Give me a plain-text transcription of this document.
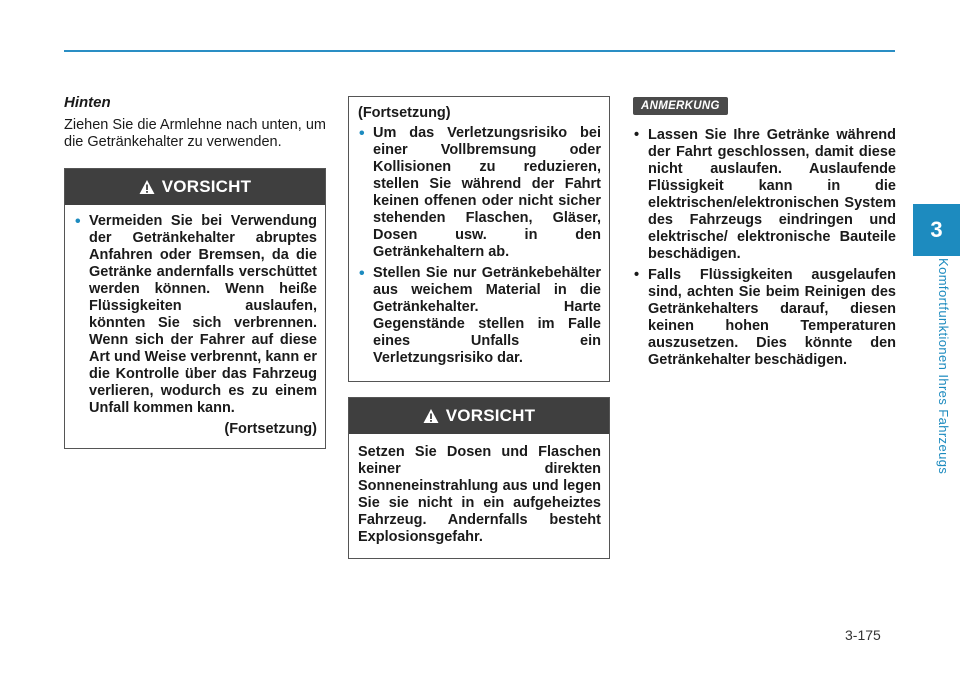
3
Komfortfunktionen Ihres Fahrzeugs
Hinten
Ziehen Sie die Armlehne nach unten, um die Getränkehalter zu verwenden.
VORSICHT
• Vermeiden Sie bei Verwendung der Getränkehalter abruptes Anfahren oder Bremsen, da die Getränke andernfalls verschüttet werden können. Wenn heiße Flüssigkeiten auslaufen, könnten Sie sich verbrennen. Wenn sich der Fahrer auf diese Art und Weise verbrennt, kann er die Kontrolle über das Fahrzeug verlieren, wodurch es zu einem Unfall kommen kann.
(Fortsetzung)
(Fortsetzung)
• Um das Verletzungsrisiko bei einer Vollbremsung oder Kollisionen zu reduzieren, stellen Sie während der Fahrt keinen offenen oder nicht sicher stehenden Flaschen, Gläser, Dosen usw. in den Getränkehaltern ab.
• Stellen Sie nur Getränkebehälter aus weichem Material in die Getränkehalter. Harte Gegenstände stellen im Falle eines Unfalls ein Verletzungsrisiko dar.
VORSICHT
Setzen Sie Dosen und Flaschen keiner direkten Sonneneinstrahlung aus und legen Sie sie nicht in ein aufgeheiztes Fahrzeug. Andernfalls besteht Explosionsgefahr.
ANMERKUNG
• Lassen Sie Ihre Getränke während der Fahrt geschlossen, damit diese nicht auslaufen. Auslaufende Flüssigkeit kann in die elektrischen/elektronischen System des Fahrzeugs eindringen und elektrische/ elektronische Bauteile beschädigen.
• Falls Flüssigkeiten ausgelaufen sind, achten Sie beim Reinigen des Getränkehalters darauf, diesen keinen hohen Temperaturen auszusetzen. Dies könnte den Getränkehalter beschädigen.
3-175
